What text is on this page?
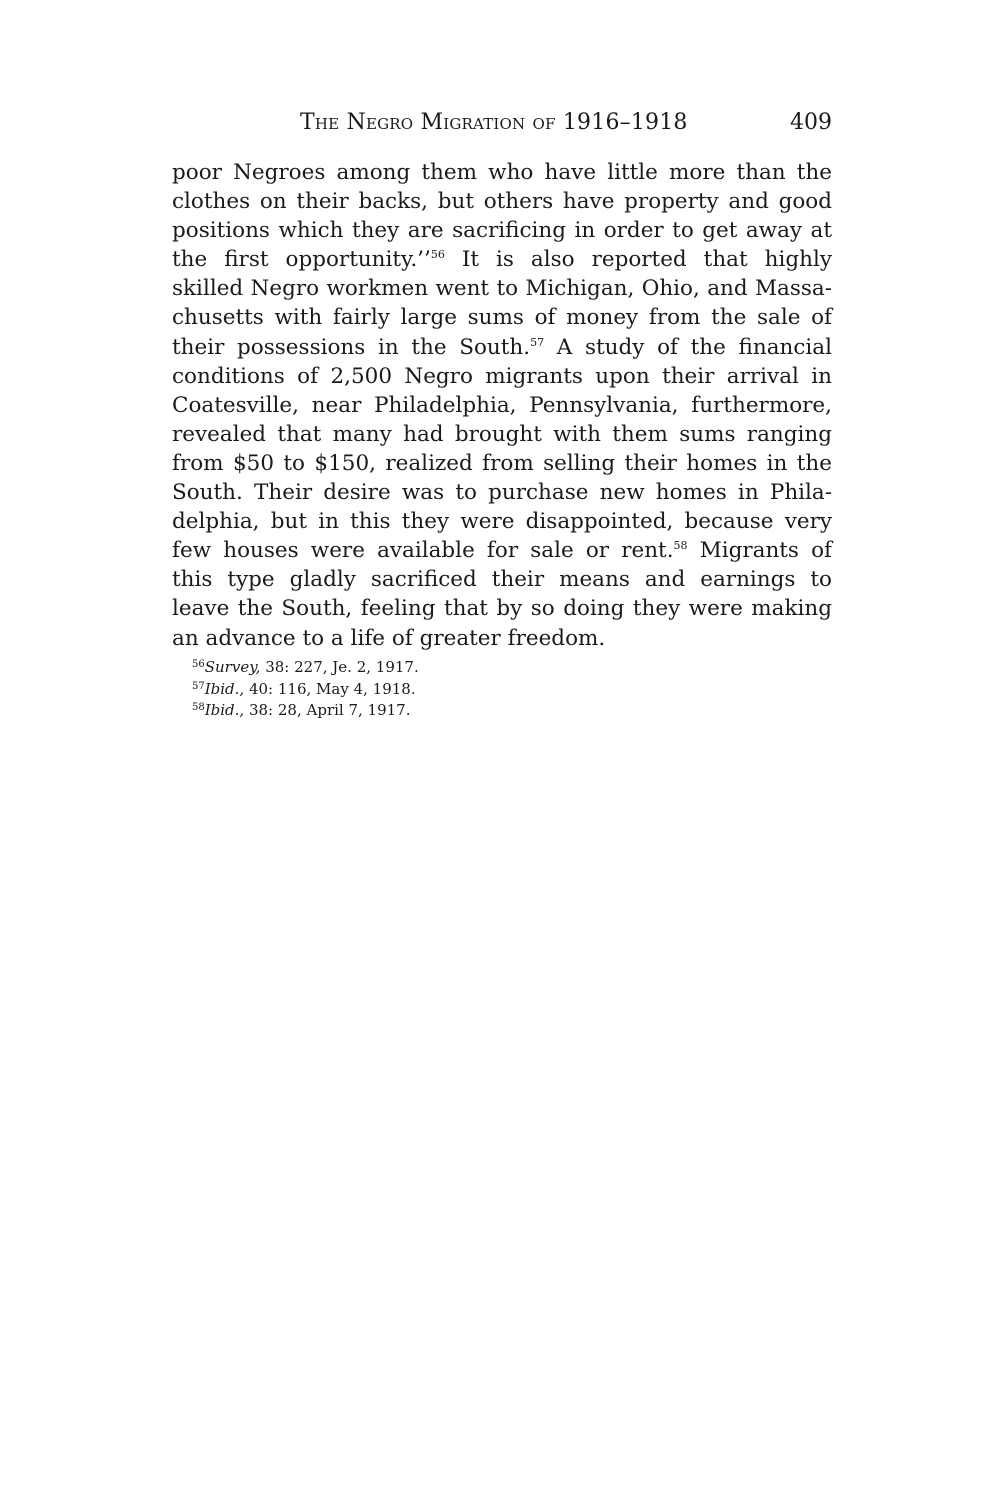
The Negro Migration of 1916–1918	409
poor Negroes among them who have little more than the
clothes on their backs, but others have property and good
positions which they are sacrificing in order to get away at
the first opportunity.’’$^{56}$ It is also reported that highly
skilled Negro workmen went to Michigan, Ohio, and Massa-
chusetts with fairly large sums of money from the sale of
their possessions in the South.$^{57}$ A study of the financial
conditions of 2,500 Negro migrants upon their arrival in
Coatesville, near Philadelphia, Pennsylvania, furthermore,
revealed that many had brought with them sums ranging
from $50 to $150, realized from selling their homes in the
South. Their desire was to purchase new homes in Phila-
delphia, but in this they were disappointed, because very
few houses were available for sale or rent.$^{58}$ Migrants of
this type gladly sacrificed their means and earnings to
leave the South, feeling that by so doing they were making
an advance to a life of greater freedom.
$^{56}$Survey, 38: 227, Je. 2, 1917.
$^{57}$Ibid., 40: 116, May 4, 1918.
$^{58}$Ibid., 38: 28, April 7, 1917.
